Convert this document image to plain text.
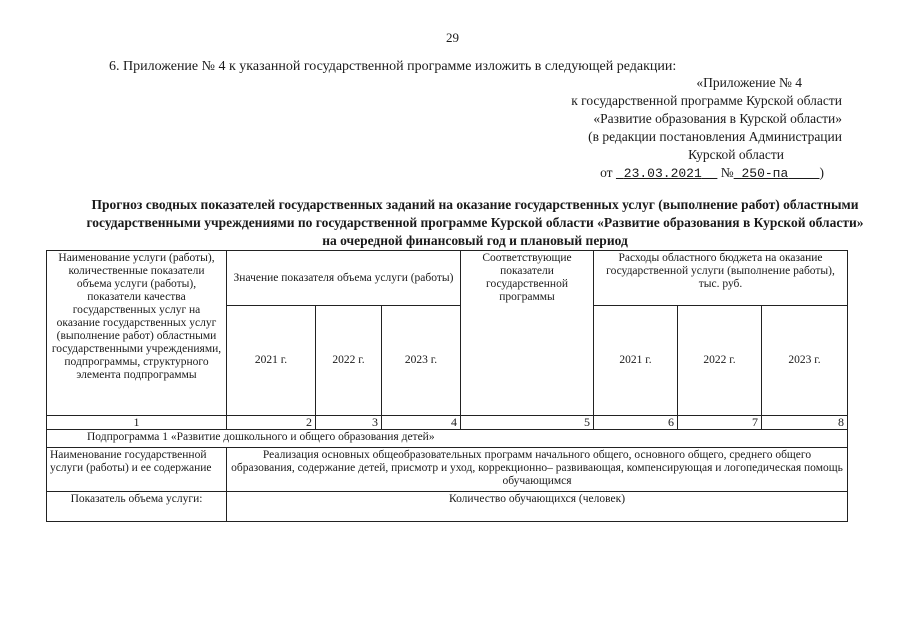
29
6. Приложение № 4 к указанной государственной программе изложить в следующей редакции:
«Приложение № 4
к государственной программе Курской области
«Развитие образования в Курской области»
(в редакции постановления Администрации
Курской области
от 23.03.2021 № 250-па )
Прогноз сводных показателей государственных заданий на оказание государственных услуг (выполнение работ) областными государственными учреждениями по государственной программе Курской области «Развитие образования в Курской области» на очередной финансовый год и плановый период
Наименование услуги (работы), количественные показатели объема услуги (работы), показатели качества государственных услуг на оказание государственных услуг (выполнение работ) областными государственными учреждениями, подпрограммы, структурного элемента подпрограммы	Значение показателя объема услуги (работы)			Соответствующие показатели государственной программы	Расходы областного бюджета на оказание государственной услуги (выполнение работы), тыс. руб.		
	2021 г.	2022 г.	2023 г.		2021 г.	2022 г.	2023 г.
1	2	3	4	5	6	7	8
Подпрограмма 1 «Развитие дошкольного и общего образования детей»							
Наименование государственной услуги (работы) и ее содержание	Реализация основных общеобразовательных программ начального общего, основного общего, среднего общего образования, содержание детей, присмотр и уход, коррекционно– развивающая, компенсирующая и логопедическая помощь обучающимся						
Показатель объема услуги:	Количество обучающихся (человек)						
